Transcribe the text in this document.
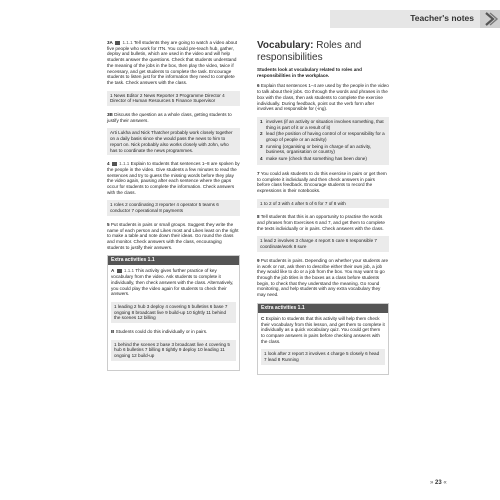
Teacher's notes

3A 1.1.1 Tell students they are going to watch a video about five people who work for ITN. You could pre-teach hub, gather, deploy and bulletin, which are used in the video and will help students answer the questions. Check that students understand the meaning of the jobs in the box, then play the video, twice if necessary, and get students to complete the task. Encourage students to listen just for the information they need to complete the task. Check answers with the class.

1 News Editor 2 News Reporter 3 Programme Director 4 Director of Human Resources 5 Finance Supervisor

3B Discuss the question as a whole class, getting students to justify their answers.

Arti Lukha and Nick Thatcher probably work closely together on a daily basis since she would pass the news to him to report on. Nick probably also works closely with John, who has to coordinate the news programmes.

4 1.1.1 Explain to students that sentences 1–8 are spoken by the people in the video. Give students a few minutes to read the sentences and try to guess the missing words before they play the video again, pausing after each sentence where the gaps occur for students to complete the information. Check answers with the class.

1 roles 2 coordinating 3 reporter 4 operator 5 teams 6 conductor 7 operational 8 payments

5 Put students in pairs or small groups. Suggest they write the name of each person and Likes most and Likes least on the right to make a table and note down their ideas. Go round the class and monitor. Check answers with the class, encouraging students to justify their answers.

Extra activities 1.1

A 1.1.1 This activity gives further practice of key vocabulary from the video. Ask students to complete it individually, then check answers with the class. Alternatively, you could play the video again for students to check their answers.

1 leading 2 hub 3 deploy 4 covering 5 bulletins 6 base 7 ongoing 8 broadcast live 9 build-up 10 tightly 11 behind the scenes 12 billing

B Students could do this individually or in pairs.

1 behind the scenes 2 base 3 broadcast live 4 covering 5 hub 6 bulletins 7 billing 8 tightly 9 deploy 10 leading 11 ongoing 12 build-up
Vocabulary: Roles and responsibilities
Students look at vocabulary related to roles and responsibilities in the workplace.

6 Explain that sentences 1–4 are used by the people in the video to talk about their jobs. Go through the words and phrases in the box with the class, then ask students to complete the exercise individually. During feedback, point out the verb form after involves and responsible for (-ing).

1 involves (if an activity or situation involves something, that thing is part of it or a result of it)
2 lead (the position of having control of or responsibility for a group of people or an activity)
3 running (organising or being in charge of an activity, business, organisation or country)
4 make sure (check that something has been done)

7 You could ask students to do this exercise in pairs or get them to complete it individually and then check answers in pairs before class feedback. Encourage students to record the expressions in their notebooks.

1 to 2 of 3 with 4 after 5 of 6 for 7 of 8 with

8 Tell students that this is an opportunity to practise the words and phrases from Exercises 6 and 7, and get them to complete the texts individually or in pairs. Check answers with the class.

1 lead 2 involves 3 charge 4 report 5 care 6 responsible 7 coordinate/work 8 sure

9 Put students in pairs. Depending on whether your students are in work or not, ask them to describe either their own job, a job they would like to do or a job from the box. You may want to go through the job titles in the boxes as a class before students begin, to check that they understand the meaning. Go round monitoring, and help students with any extra vocabulary they may need.

Extra activities 1.1

C Explain to students that this activity will help them check their vocabulary from this lesson, and get them to complete it individually as a quick vocabulary quiz. You could get them to compare answers in pairs before checking answers with the class.

1 look after 2 report 3 involves 4 charge 5 closely 6 head 7 lead 8 Running
» 23 «
